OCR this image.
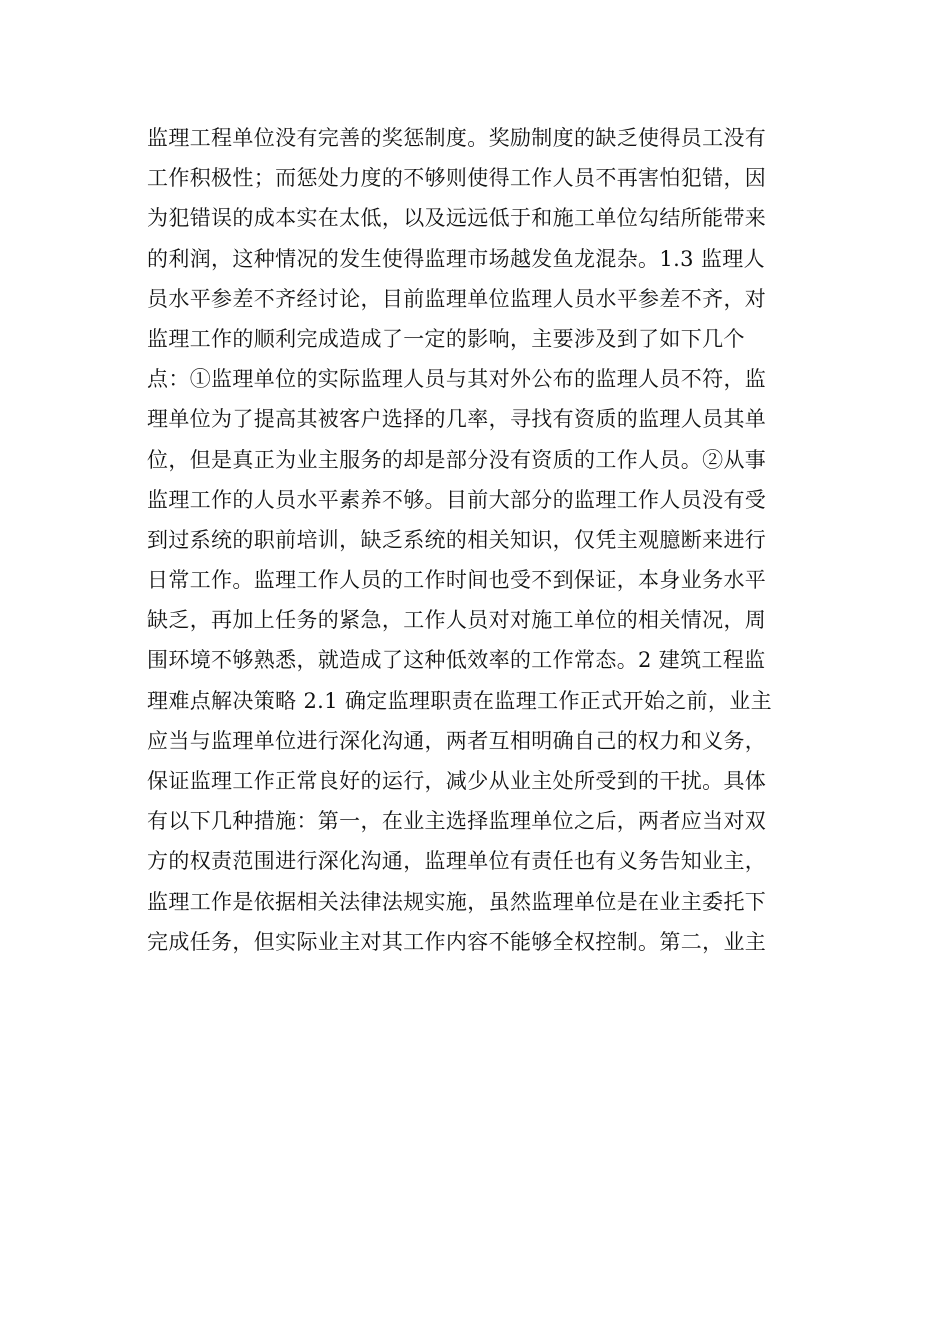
监理工程单位没有完善的奖惩制度。奖励制度的缺乏使得员工没有
工作积极性；而惩处力度的不够则使得工作人员不再害怕犯错，因
为犯错误的成本实在太低，以及远远低于和施工单位勾结所能带来
的利润，这种情况的发生使得监理市场越发鱼龙混杂。1.3 监理人
员水平参差不齐经讨论，目前监理单位监理人员水平参差不齐，对
监理工作的顺利完成造成了一定的影响，主要涉及到了如下几个
点：①监理单位的实际监理人员与其对外公布的监理人员不符，监
理单位为了提高其被客户选择的几率，寻找有资质的监理人员其单
位，但是真正为业主服务的却是部分没有资质的工作人员。②从事
监理工作的人员水平素养不够。目前大部分的监理工作人员没有受
到过系统的职前培训，缺乏系统的相关知识，仅凭主观臆断来进行
日常工作。监理工作人员的工作时间也受不到保证，本身业务水平
缺乏，再加上任务的紧急，工作人员对对施工单位的相关情况，周
围环境不够熟悉，就造成了这种低效率的工作常态。2 建筑工程监
理难点解决策略 2.1 确定监理职责在监理工作正式开始之前，业主
应当与监理单位进行深化沟通，两者互相明确自己的权力和义务，
保证监理工作正常良好的运行，减少从业主处所受到的干扰。具体
有以下几种措施：第一，在业主选择监理单位之后，两者应当对双
方的权责范围进行深化沟通，监理单位有责任也有义务告知业主，
监理工作是依据相关法律法规实施，虽然监理单位是在业主委托下
完成任务，但实际业主对其工作内容不能够全权控制。第二，业主
